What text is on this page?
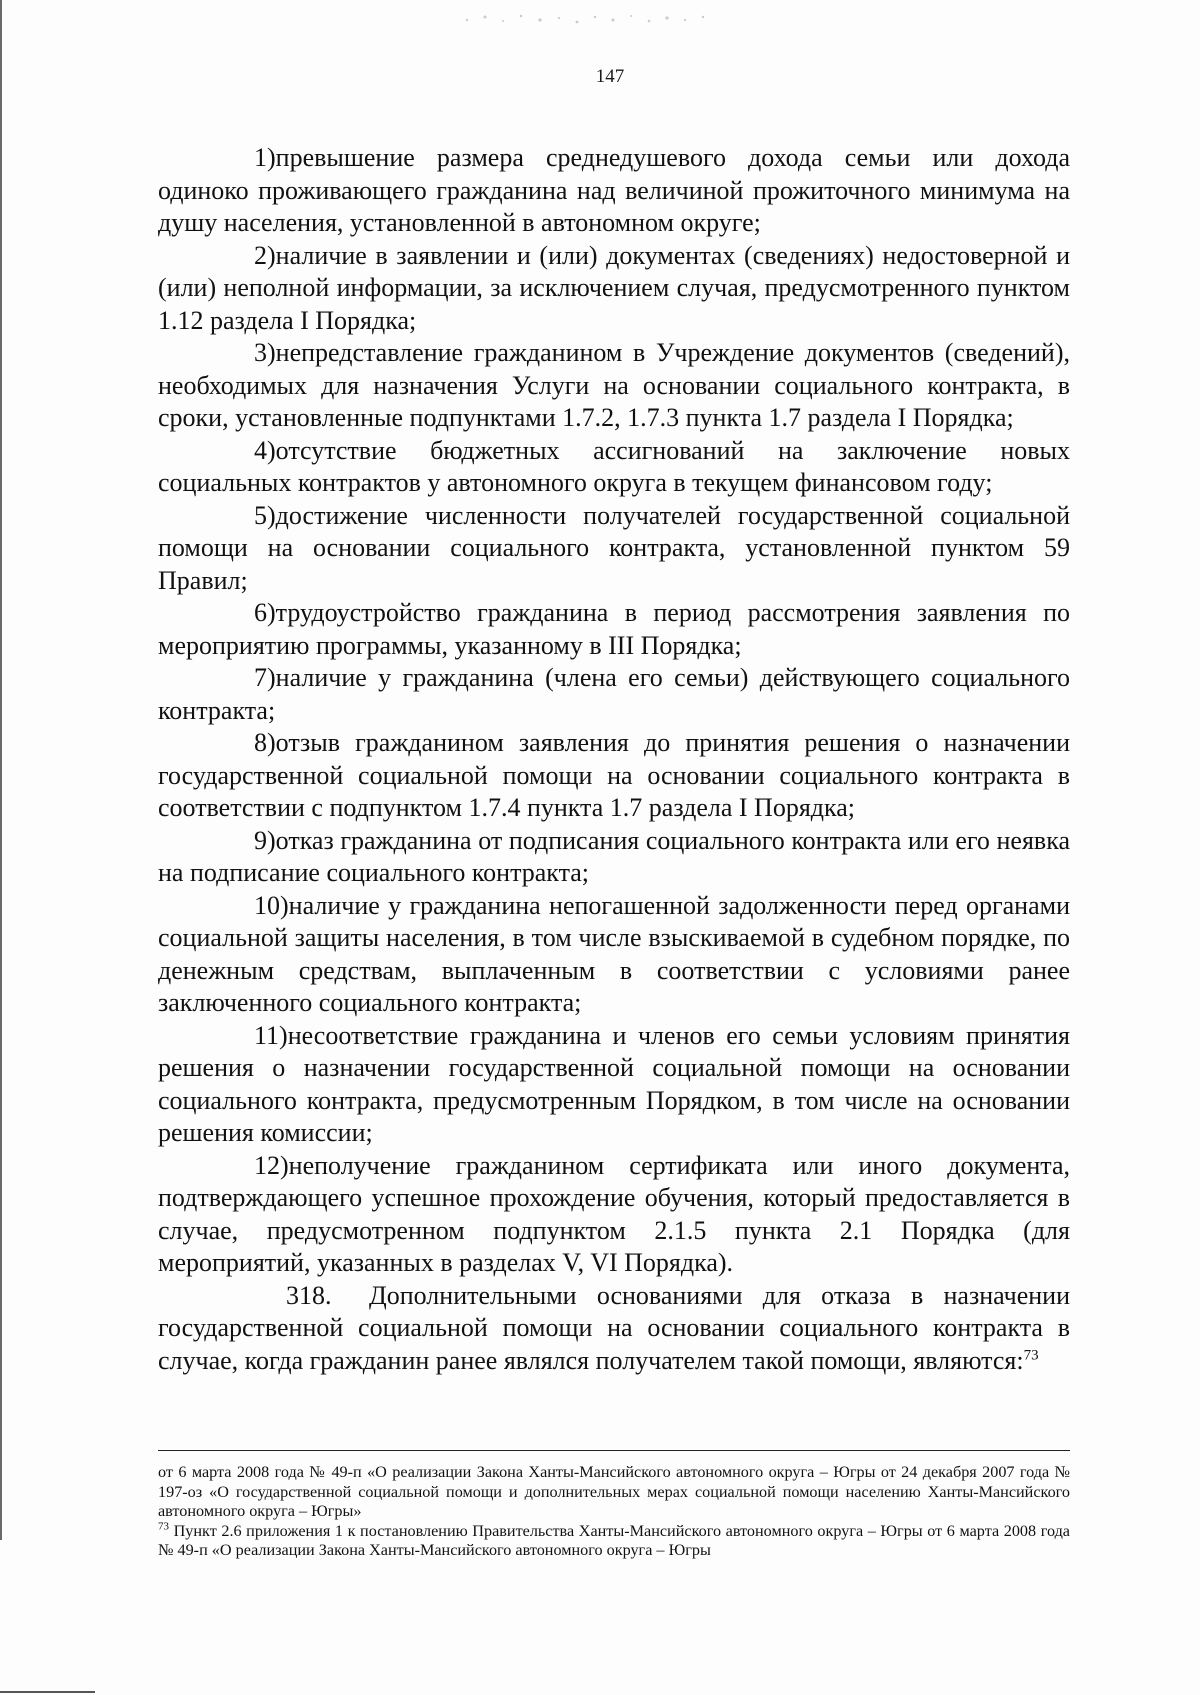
147

1)превышение размера среднедушевого дохода семьи или дохода одиноко проживающего гражданина над величиной прожиточного минимума на душу населения, установленной в автономном округе;

2)наличие в заявлении и (или) документах (сведениях) недостоверной и (или) неполной информации, за исключением случая, предусмотренного пунктом 1.12 раздела I Порядка;

3)непредставление гражданином в Учреждение документов (сведений), необходимых для назначения Услуги на основании социального контракта, в сроки, установленные подпунктами 1.7.2, 1.7.3 пункта 1.7 раздела I Порядка;

4)отсутствие бюджетных ассигнований на заключение новых социальных контрактов у автономного округа в текущем финансовом году;

5)достижение численности получателей государственной социальной помощи на основании социального контракта, установленной пунктом 59 Правил;

6)трудоустройство гражданина в период рассмотрения заявления по мероприятию программы, указанному в III Порядка;

7)наличие у гражданина (члена его семьи) действующего социального контракта;

8)отзыв гражданином заявления до принятия решения о назначении государственной социальной помощи на основании социального контракта в соответствии с подпунктом 1.7.4 пункта 1.7 раздела I Порядка;

9)отказ гражданина от подписания социального контракта или его неявка на подписание социального контракта;

10)наличие у гражданина непогашенной задолженности перед органами социальной защиты населения, в том числе взыскиваемой в судебном порядке, по денежным средствам, выплаченным в соответствии с условиями ранее заключенного социального контракта;

11)несоответствие гражданина и членов его семьи условиям принятия решения о назначении государственной социальной помощи на основании социального контракта, предусмотренным Порядком, в том числе на основании решения комиссии;

12)неполучение гражданином сертификата или иного документа, подтверждающего успешное прохождение обучения, который предоставляется в случае, предусмотренном подпунктом 2.1.5 пункта 2.1 Порядка (для мероприятий, указанных в разделах V, VI Порядка).

318. Дополнительными основаниями для отказа в назначении государственной социальной помощи на основании социального контракта в случае, когда гражданин ранее являлся получателем такой помощи, являются:$^{73}$

от 6 марта 2008 года № 49-п «О реализации Закона Ханты-Мансийского автономного округа – Югры от 24 декабря 2007 года № 197-оз «О государственной социальной помощи и дополнительных мерах социальной помощи населению Ханты-Мансийского автономного округа – Югры»

$^{73}$ Пункт 2.6 приложения 1 к постановлению Правительства Ханты-Мансийского автономного округа – Югры от 6 марта 2008 года № 49-п «О реализации Закона Ханты-Мансийского автономного округа – Югры
